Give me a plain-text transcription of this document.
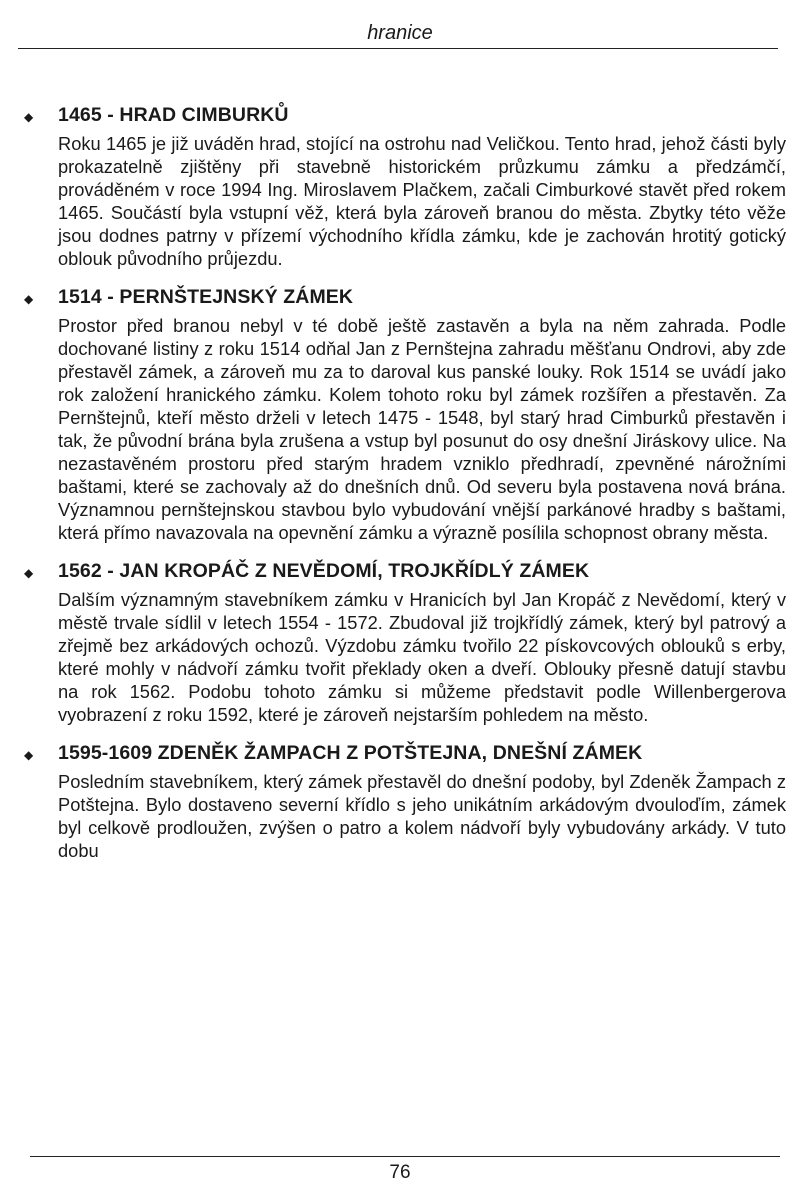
hranice
◆	1465 - HRAD CIMBURKŮ
Roku 1465 je již uváděn hrad, stojící na ostrohu nad Veličkou. Tento hrad, jehož části byly prokazatelně zjištěny při stavebně historickém průzkumu zámku a předzámčí, prováděném v roce 1994 Ing. Miroslavem Plačkem, začali Cimburkové stavět před rokem 1465. Součástí byla vstupní věž, která byla zároveň branou do města. Zbytky této věže jsou dodnes patrny v přízemí východního křídla zámku, kde je zachován hrotitý gotický oblouk původního průjezdu.
◆	1514 - PERNŠTEJNSKÝ ZÁMEK
Prostor před branou nebyl v té době ještě zastavěn a byla na něm zahrada. Podle dochované listiny z roku 1514 odňal Jan z Pernštejna zahradu měšťanu Ondrovi, aby zde přestavěl zámek, a zároveň mu za to daroval kus panské louky. Rok 1514 se uvádí jako rok založení hranického zámku. Kolem tohoto roku byl zámek rozšířen a přestavěn. Za Pernštejnů, kteří město drželi v letech 1475 - 1548, byl starý hrad Cimburků přestavěn i tak, že původní brána byla zrušena a vstup byl posunut do osy dnešní Jiráskovy ulice. Na nezastavěném prostoru před starým hradem vzniklo předhradí, zpevněné nárožními baštami, které se zachovaly až do dnešních dnů. Od severu byla postavena nová brána. Významnou pernštejnskou stavbou bylo vybudování vnější parkánové hradby s baštami, která přímo navazovala na opevnění zámku a výrazně posílila schopnost obrany města.
◆	1562 - JAN KROPÁČ Z NEVĚDOMÍ, TROJKŘÍDLÝ ZÁMEK
Dalším významným stavebníkem zámku v Hranicích byl Jan Kropáč z Nevědomí, který v městě trvale sídlil v letech 1554 - 1572. Zbudoval již trojkřídlý zámek, který byl patrový a zřejmě bez arkádových ochozů. Výzdobu zámku tvořilo 22 pískovcových oblouků s erby, které mohly v nádvoří zámku tvořit překlady oken a dveří. Oblouky přesně datují stavbu na rok 1562. Podobu tohoto zámku si můžeme představit podle Willenbergerova vyobrazení z roku 1592, které je zároveň nejstarším pohledem na město.
◆	1595-1609 ZDENĚK ŽAMPACH Z POTŠTEJNA, DNEŠNÍ ZÁMEK
Posledním stavebníkem, který zámek přestavěl do dnešní podoby, byl Zdeněk Žampach z Potštejna. Bylo dostaveno severní křídlo s jeho unikátním arkádovým dvouloďím, zámek byl celkově prodloužen, zvýšen o patro a kolem nádvoří byly vybudovány arkády. V tuto dobu
76
